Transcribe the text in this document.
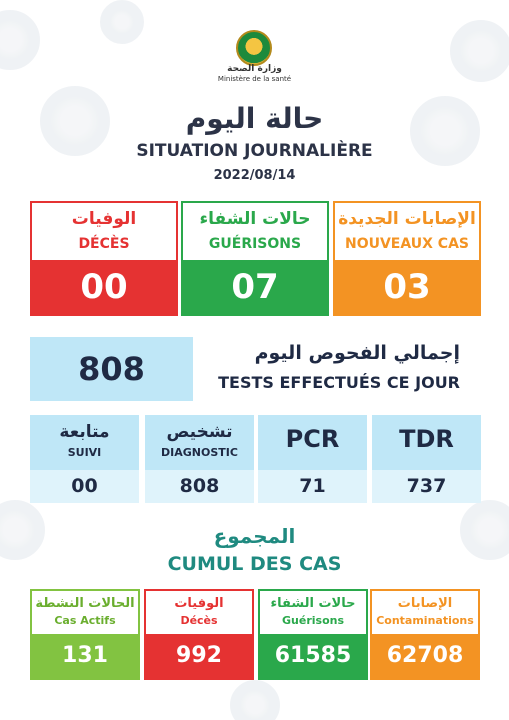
وزارة الصحة
Ministère de la santé
حالة اليوم
SITUATION JOURNALIÈRE
2022/08/14
الوفيات
DÉCÈS
00
حالات الشفاء
GUÉRISONS
07
الإصابات الجديدة
NOUVEAUX CAS
03
808	إجمالي الفحوص اليوم
TESTS EFFECTUÉS CE JOUR
متابعة
SUIVI
00
تشخيص
DIAGNOSTIC
808
PCR
71
TDR
737
المجموع
CUMUL DES CAS
الحالات النشطة
Cas Actifs
131
الوفيات
Décès
992
حالات الشفاء
Guérisons
61585
الإصابات
Contaminations
62708
